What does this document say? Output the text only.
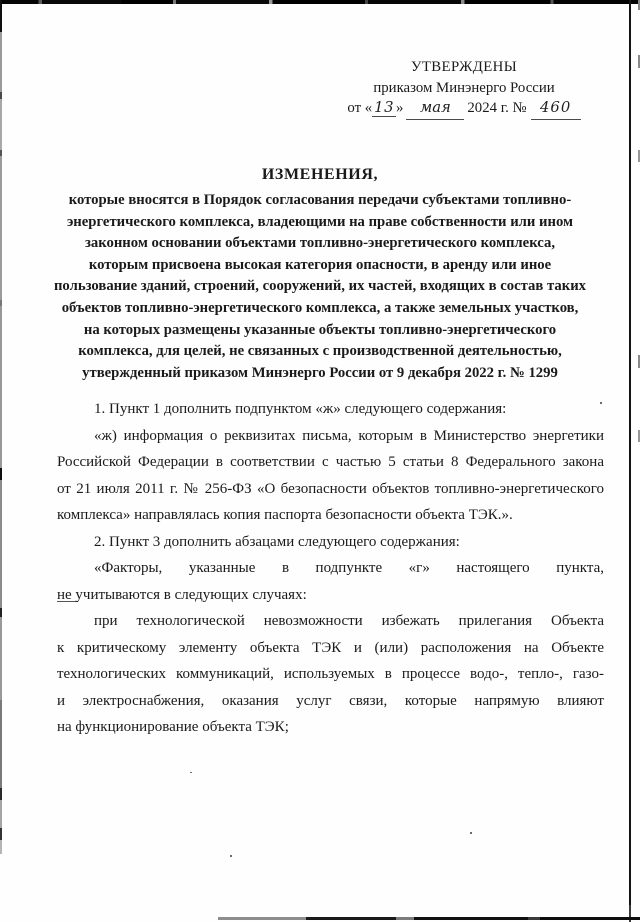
УТВЕРЖДЕНЫ
приказом Минэнерго России
от « 13 » мая 2024 г. № 460
ИЗМЕНЕНИЯ,
которые вносятся в Порядок согласования передачи субъектами топливно-
энергетического комплекса, владеющими на праве собственности или ином
законном основании объектами топливно-энергетического комплекса,
которым присвоена высокая категория опасности, в аренду или иное
пользование зданий, строений, сооружений, их частей, входящих в состав таких
объектов топливно-энергетического комплекса, а также земельных участков,
на которых размещены указанные объекты топливно-энергетического
комплекса, для целей, не связанных с производственной деятельностью,
утвержденный приказом Минэнерго России от 9 декабря 2022 г. № 1299
1. Пункт 1 дополнить подпунктом «ж» следующего содержания:
«ж) информация о реквизитах письма, которым в Министерство энергетики
Российской Федерации в соответствии с частью 5 статьи 8 Федерального закона
от 21 июля 2011 г. № 256-ФЗ «О безопасности объектов топливно-энергетического
комплекса» направлялась копия паспорта безопасности объекта ТЭК.».
2. Пункт 3 дополнить абзацами следующего содержания:
«Факторы, указанные в подпункте «г» настоящего пункта,
не учитываются в следующих случаях:
при технологической невозможности избежать прилегания Объекта
к критическому элементу объекта ТЭК и (или) расположения на Объекте
технологических коммуникаций, используемых в процессе водо-, тепло-, газо-
и электроснабжения, оказания услуг связи, которые напрямую влияют
на функционирование объекта ТЭК;
